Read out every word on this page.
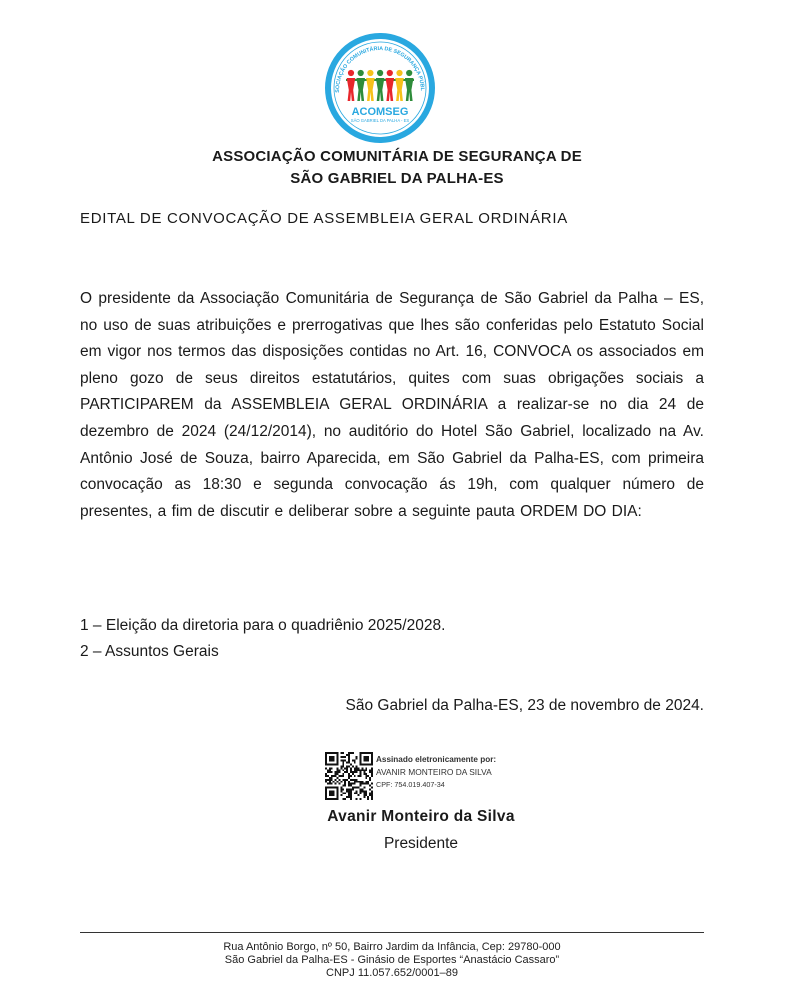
SOCIAÇÃO COMUNITÁRIA DE SEGURANÇA PÚBL
ACOMSEG
SÃO GABRIEL DA PALHA - ES
ASSOCIAÇÃO COMUNITÁRIA DE SEGURANÇA DE
SÃO GABRIEL DA PALHA-ES
EDITAL DE CONVOCAÇÃO DE ASSEMBLEIA GERAL ORDINÁRIA

O presidente da Associação Comunitária de Segurança de São Gabriel da Palha – ES, no uso de suas atribuições e prerrogativas que lhes são conferidas pelo Estatuto Social em vigor nos termos das disposições contidas no Art. 16, CONVOCA os associados em pleno gozo de seus direitos estatutários, quites com suas obrigações sociais a PARTICIPAREM da ASSEMBLEIA GERAL ORDINÁRIA a realizar-se no dia 24 de dezembro de 2024 (24/12/2014), no auditório do Hotel São Gabriel, localizado na Av. Antônio José de Souza, bairro Aparecida, em São Gabriel da Palha-ES, com primeira convocação as 18:30 e segunda convocação ás 19h, com qualquer número de presentes, a fim de discutir e deliberar sobre a seguinte pauta ORDEM DO DIA:

1 – Eleição da diretoria para o quadriênio 2025/2028.
2 – Assuntos Gerais
São Gabriel da Palha-ES, 23 de novembro de 2024.
Assinado eletronicamente por:
AVANIR MONTEIRO DA SILVA
CPF: 754.019.407-34
Avanir Monteiro da Silva
Presidente
Rua Antônio Borgo, nº 50, Bairro Jardim da Infância, Cep: 29780-000
São Gabriel da Palha-ES - Ginásio de Esportes “Anastácio Cassaro”
CNPJ 11.057.652/0001–89
